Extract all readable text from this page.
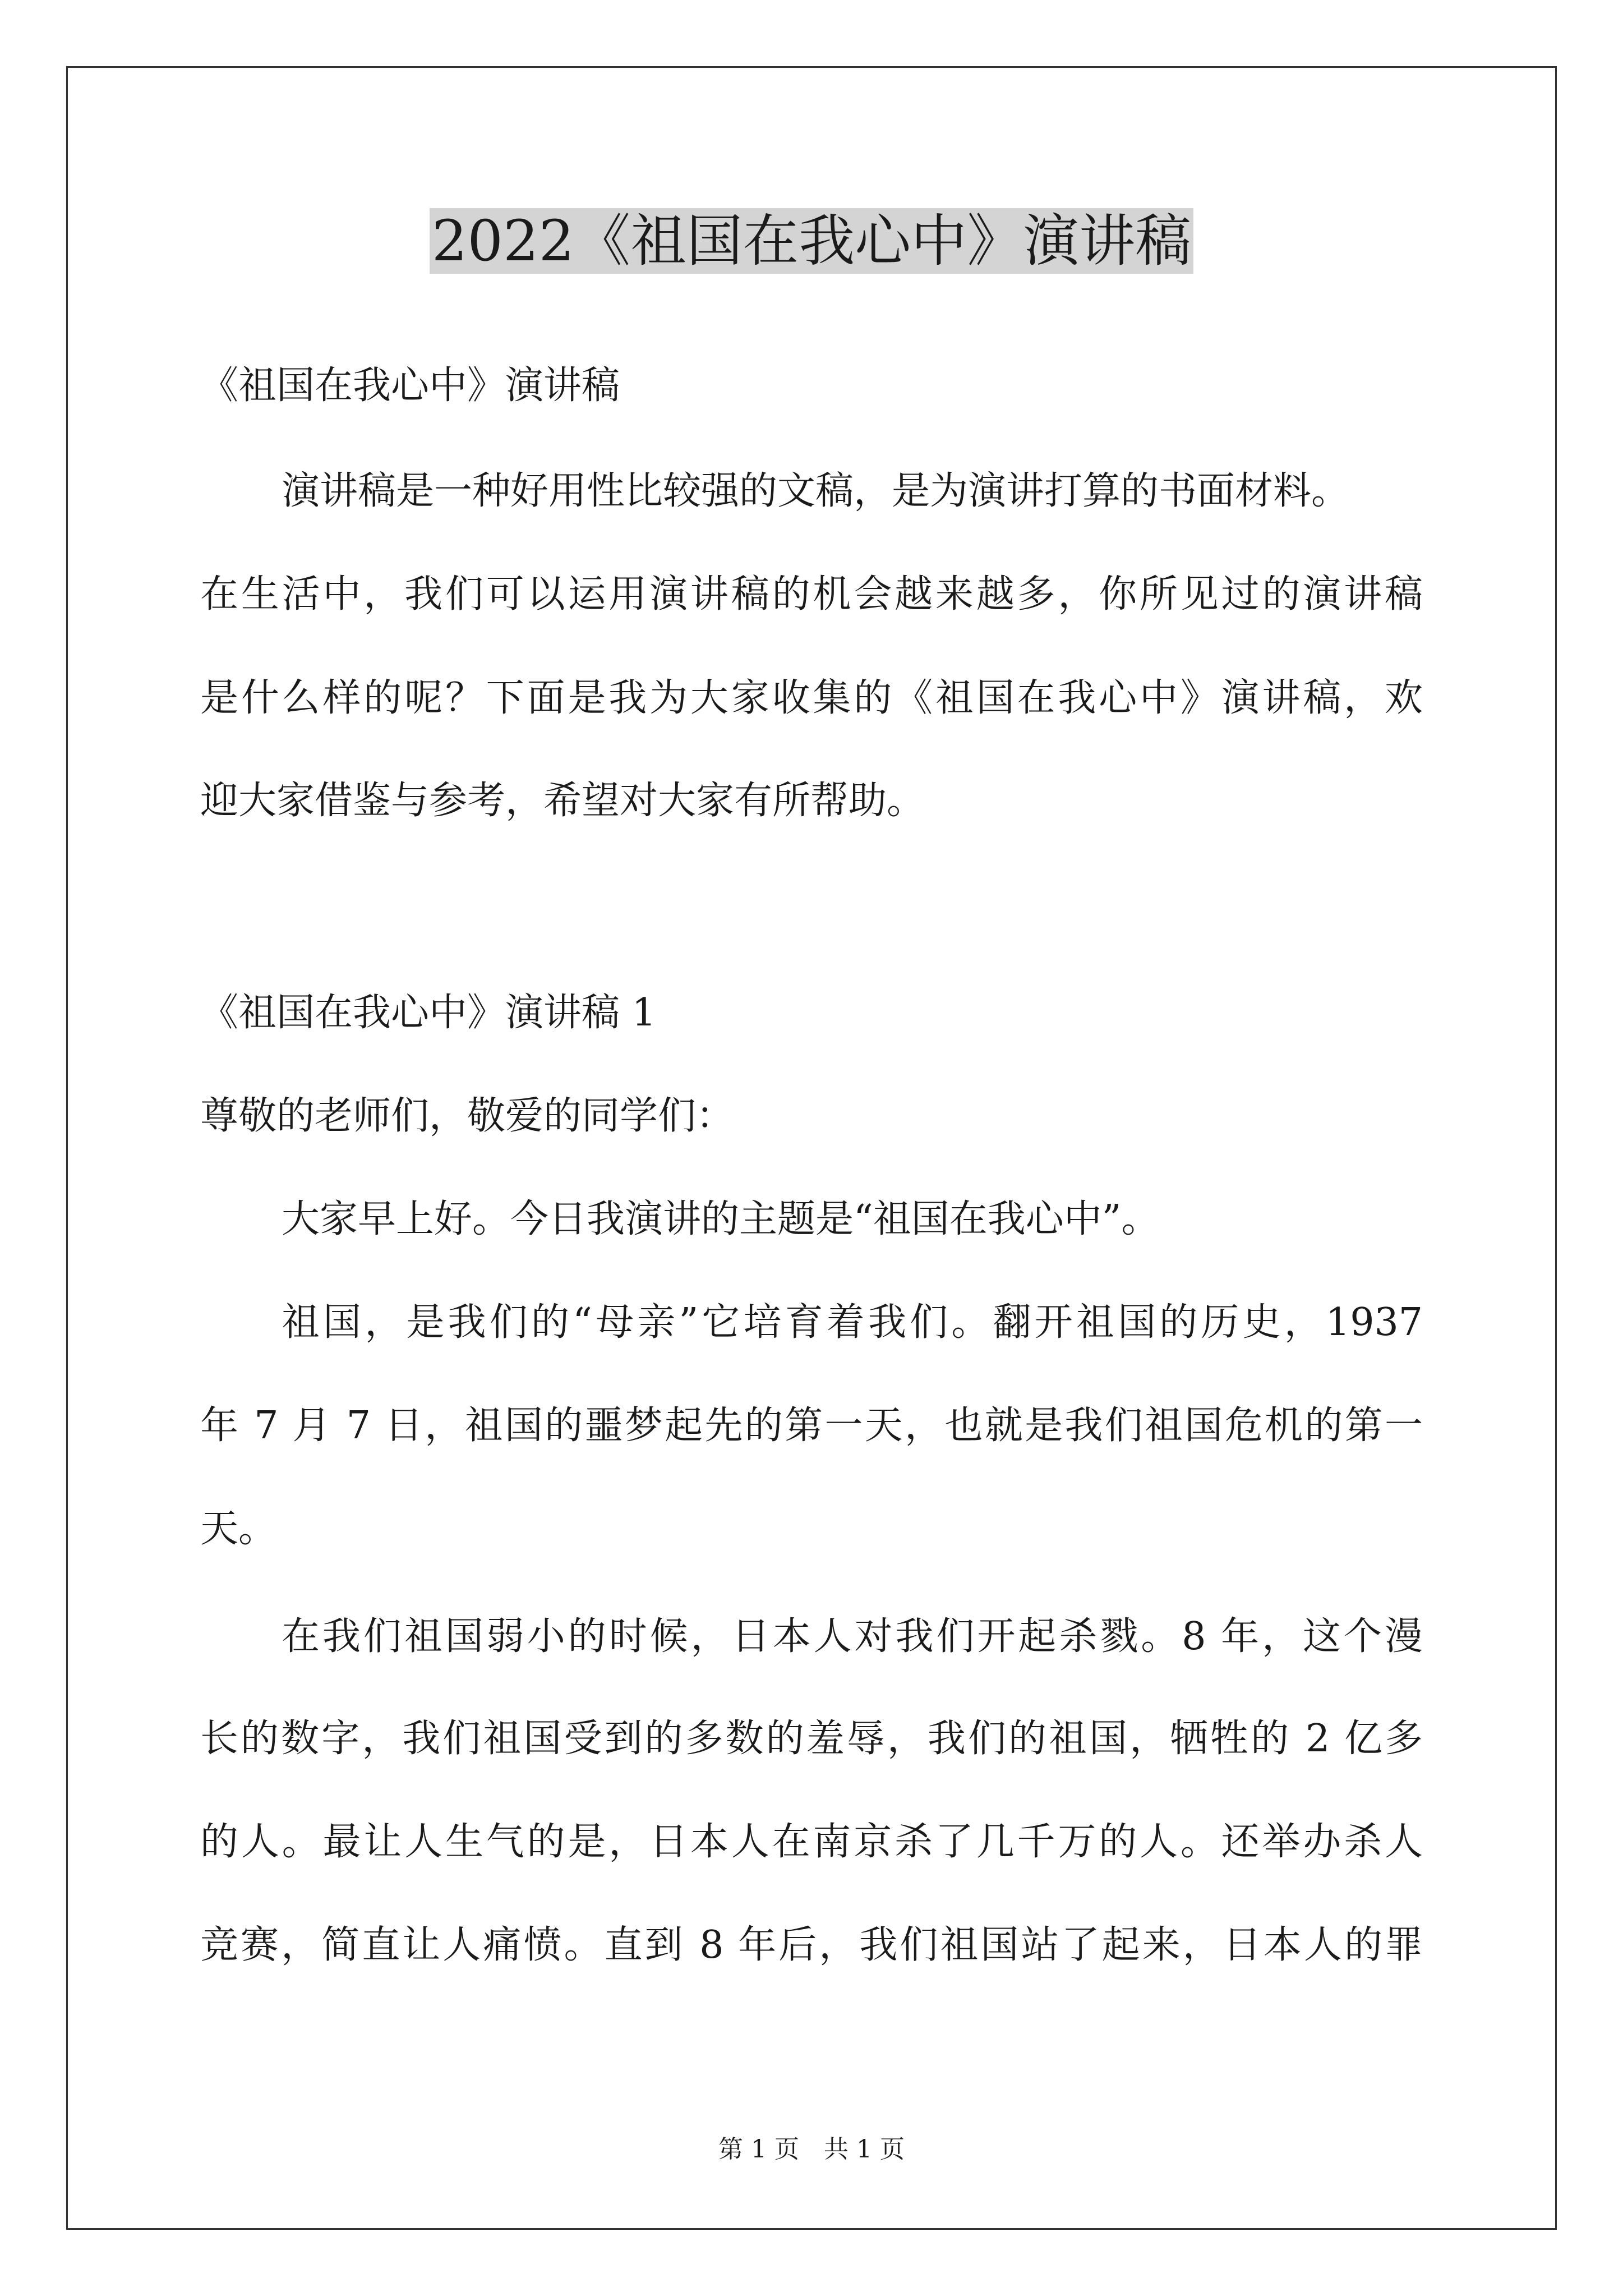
2022《祖国在我心中》演讲稿
《祖国在我心中》演讲稿
演讲稿是一种好用性比较强的文稿，是为演讲打算的书面材料。
在生活中，我们可以运用演讲稿的机会越来越多，你所见过的演讲稿
是什么样的呢？下面是我为大家收集的《祖国在我心中》演讲稿，欢
迎大家借鉴与参考，希望对大家有所帮助。
《祖国在我心中》演讲稿 1
尊敬的老师们，敬爱的同学们：
大家早上好。今日我演讲的主题是“祖国在我心中”。
祖国，是我们的“母亲”它培育着我们。翻开祖国的历史，1937
年 7 月 7 日，祖国的噩梦起先的第一天，也就是我们祖国危机的第一
天。
在我们祖国弱小的时候，日本人对我们开起杀戮。8 年，这个漫
长的数字，我们祖国受到的多数的羞辱，我们的祖国，牺牲的 2 亿多
的人。最让人生气的是，日本人在南京杀了几千万的人。还举办杀人
竞赛，简直让人痛愤。直到 8 年后，我们祖国站了起来，日本人的罪
第 1 页　共 1 页
